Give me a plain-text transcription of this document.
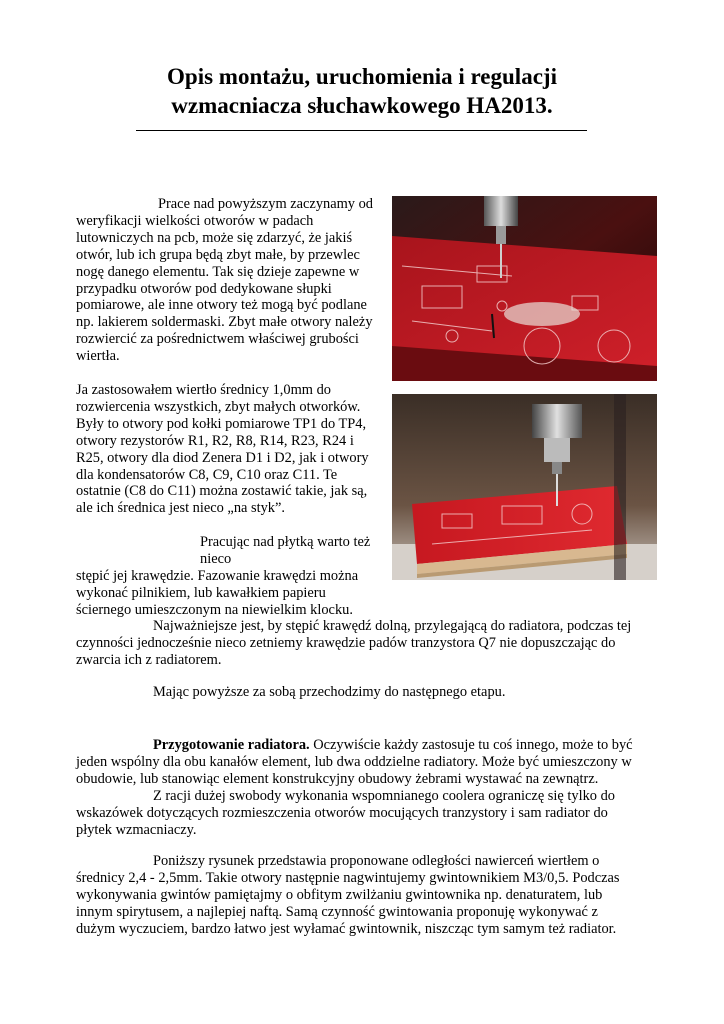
Opis montażu, uruchomienia i regulacji
wzmacniacza słuchawkowego HA2013.
Prace nad powyższym zaczynamy od
weryfikacji wielkości otworów w padach
lutowniczych na pcb, może się zdarzyć, że jakiś
otwór, lub ich grupa będą zbyt małe, by przewlec
nogę danego elementu. Tak się dzieje zapewne w
przypadku otworów pod dedykowane słupki
pomiarowe, ale inne otwory też mogą być podlane
np. lakierem soldermaski. Zbyt małe otwory należy
rozwiercić za pośrednictwem właściwej grubości
wiertła.
Ja zastosowałem wiertło średnicy 1,0mm do
rozwiercenia wszystkich, zbyt małych otworków.
Były to otwory pod kołki pomiarowe TP1 do TP4,
otwory rezystorów R1, R2, R8, R14, R23, R24 i
R25, otwory dla diod Zenera D1 i D2, jak i otwory
dla kondensatorów C8, C9, C10 oraz C11. Te
ostatnie (C8 do C11) można zostawić takie, jak są,
ale ich średnica jest nieco „na styk”.
Pracując nad płytką warto też nieco
stępić jej krawędzie. Fazowanie krawędzi można
wykonać pilnikiem, lub kawałkiem papieru
ściernego umieszczonym na niewielkim klocku.
Najważniejsze jest, by stępić krawędź dolną, przylegającą do radiatora, podczas tej
czynności jednocześnie nieco zetniemy krawędzie padów tranzystora Q7 nie dopuszczając do
zwarcia ich z radiatorem.
Mając powyższe za sobą przechodzimy do następnego etapu.
Przygotowanie radiatora. Oczywiście każdy zastosuje tu coś innego, może to być
jeden wspólny dla obu kanałów element, lub dwa oddzielne radiatory. Może być umieszczony w
obudowie, lub stanowiąc element konstrukcyjny obudowy żebrami wystawać na zewnątrz.
Z racji dużej swobody wykonania wspomnianego coolera ograniczę się tylko do
wskazówek dotyczących rozmieszczenia otworów mocujących tranzystory i sam radiator do
płytek wzmacniaczy.
Poniższy rysunek przedstawia proponowane odległości nawierceń wiertłem o
średnicy 2,4 - 2,5mm. Takie otwory następnie nagwintujemy gwintownikiem M3/0,5. Podczas
wykonywania gwintów pamiętajmy o obfitym zwilżaniu gwintownika np. denaturatem, lub
innym spirytusem, a najlepiej naftą. Samą czynność gwintowania proponuję wykonywać z
dużym wyczuciem, bardzo łatwo jest wyłamać gwintownik, niszcząc tym samym też radiator.
